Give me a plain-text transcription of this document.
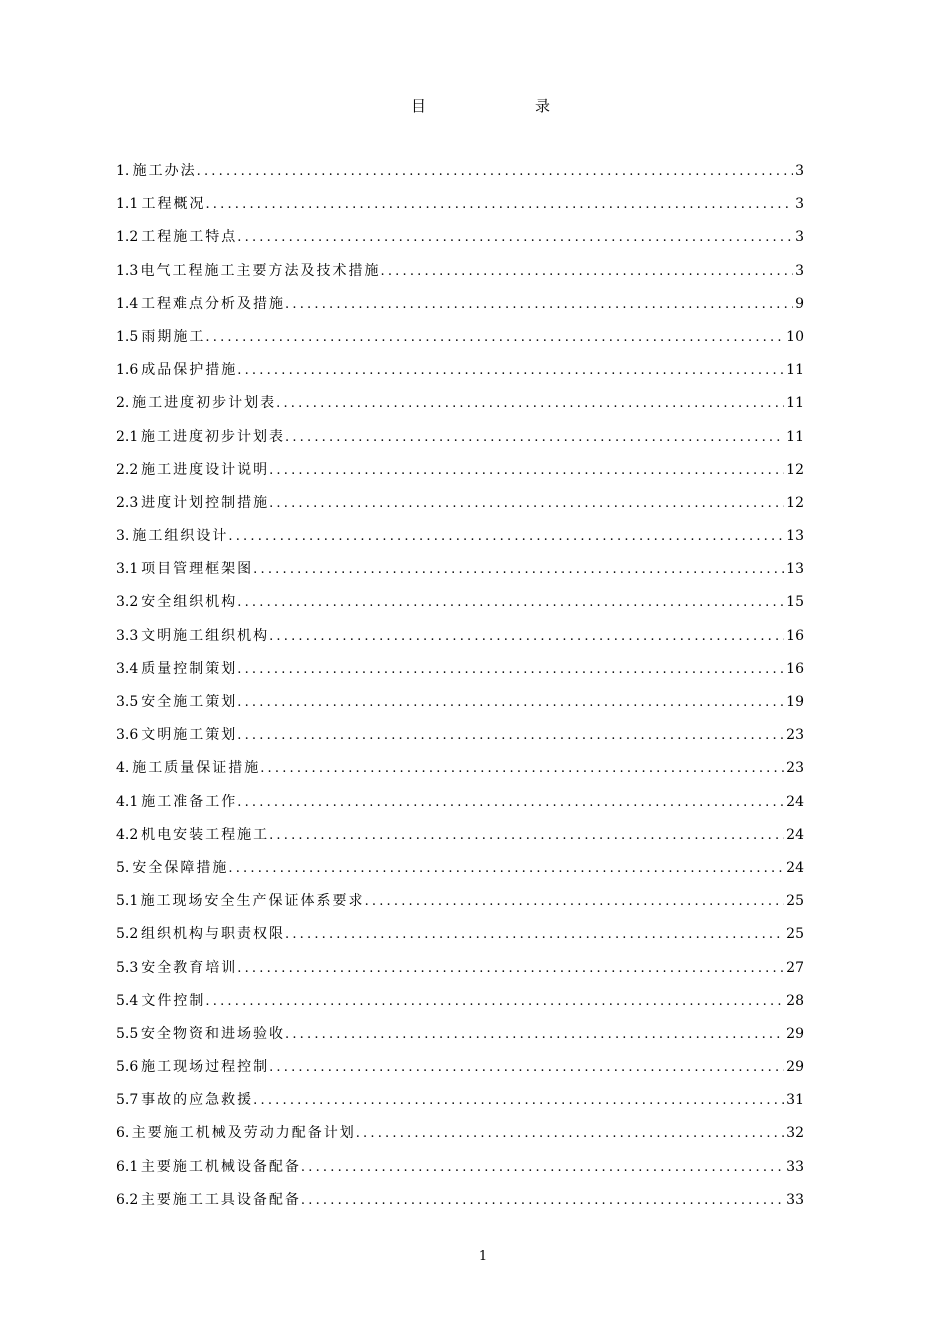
目	录
1. 施工办法 .....	3
1.1 工程概况 .....	3
1.2 工程施工特点 .....	3
1.3 电气工程施工主要方法及技术措施 .....	3
1.4 工程难点分析及措施 .....	9
1.5 雨期施工 .....	10
1.6 成品保护措施 .....	11
2. 施工进度初步计划表 .....	11
2.1 施工进度初步计划表 .....	11
2.2 施工进度设计说明 .....	12
2.3 进度计划控制措施 .....	12
3. 施工组织设计 .....	13
3.1 项目管理框架图 .....	13
3.2 安全组织机构 .....	15
3.3 文明施工组织机构 .....	16
3.4 质量控制策划 .....	16
3.5 安全施工策划 .....	19
3.6 文明施工策划 .....	23
4. 施工质量保证措施 .....	23
4.1 施工准备工作 .....	24
4.2 机电安装工程施工 .....	24
5. 安全保障措施 .....	24
5.1 施工现场安全生产保证体系要求 .....	25
5.2 组织机构与职责权限 .....	25
5.3 安全教育培训 .....	27
5.4 文件控制 .....	28
5.5 安全物资和进场验收 .....	29
5.6 施工现场过程控制 .....	29
5.7 事故的应急救援 .....	31
6. 主要施工机械及劳动力配备计划 .....	32
6.1 主要施工机械设备配备 .....	33
6.2 主要施工工具设备配备 .....	33
1
